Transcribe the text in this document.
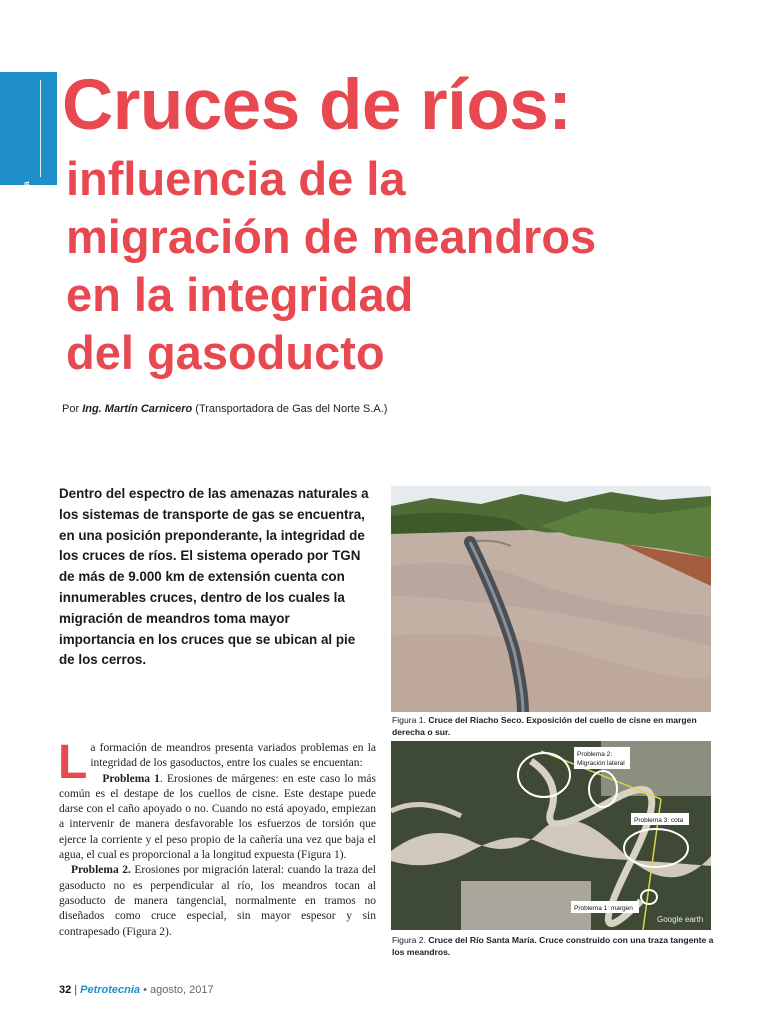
Tema de tapa
Cruces de ríos:
influencia de la
migración de meandros
en la integridad
del gasoducto
Por Ing. Martín Carnicero (Transportadora de Gas del Norte S.A.)
Dentro del espectro de las amenazas naturales a los sistemas de transporte de gas se encuentra, en una posición preponderante, la integridad de los cruces de ríos. El sistema operado por TGN de más de 9.000 km de extensión cuenta con innumerables cruces, dentro de los cuales la migración de meandros toma mayor importancia en los cruces que se ubican al pie de los cerros.
Figura 1. Cruce del Riacho Seco. Exposición del cuello de cisne en margen derecha o sur.
Problema 2:
Migración lateral
Problema 3: cota
Problema 1: margen
Google earth
Figura 2. Cruce del Río Santa María. Cruce construido con una traza tangente a los meandros.

La formación de meandros presenta variados problemas en la integridad de los gasoductos, entre los cuales se encuentan:

Problema 1. Erosiones de márgenes: en este caso lo más común es el destape de los cuellos de cisne. Este destape puede darse con el caño apoyado o no. Cuando no está apoyado, empiezan a intervenir de manera desfavorable los esfuerzos de torsión que ejerce la corriente y el peso propio de la cañería una vez que baja el agua, el cual es proporcional a la longitud expuesta (Figura 1).

Problema 2. Erosiones por migración lateral: cuando la traza del gasoducto no es perpendicular al río, los meandros tocan al gasoducto de manera tangencial, normalmente en tramos no diseñados como cruce especial, sin mayor espesor y sin contrapesado (Figura 2).

32 | Petrotecnia • agosto, 2017
